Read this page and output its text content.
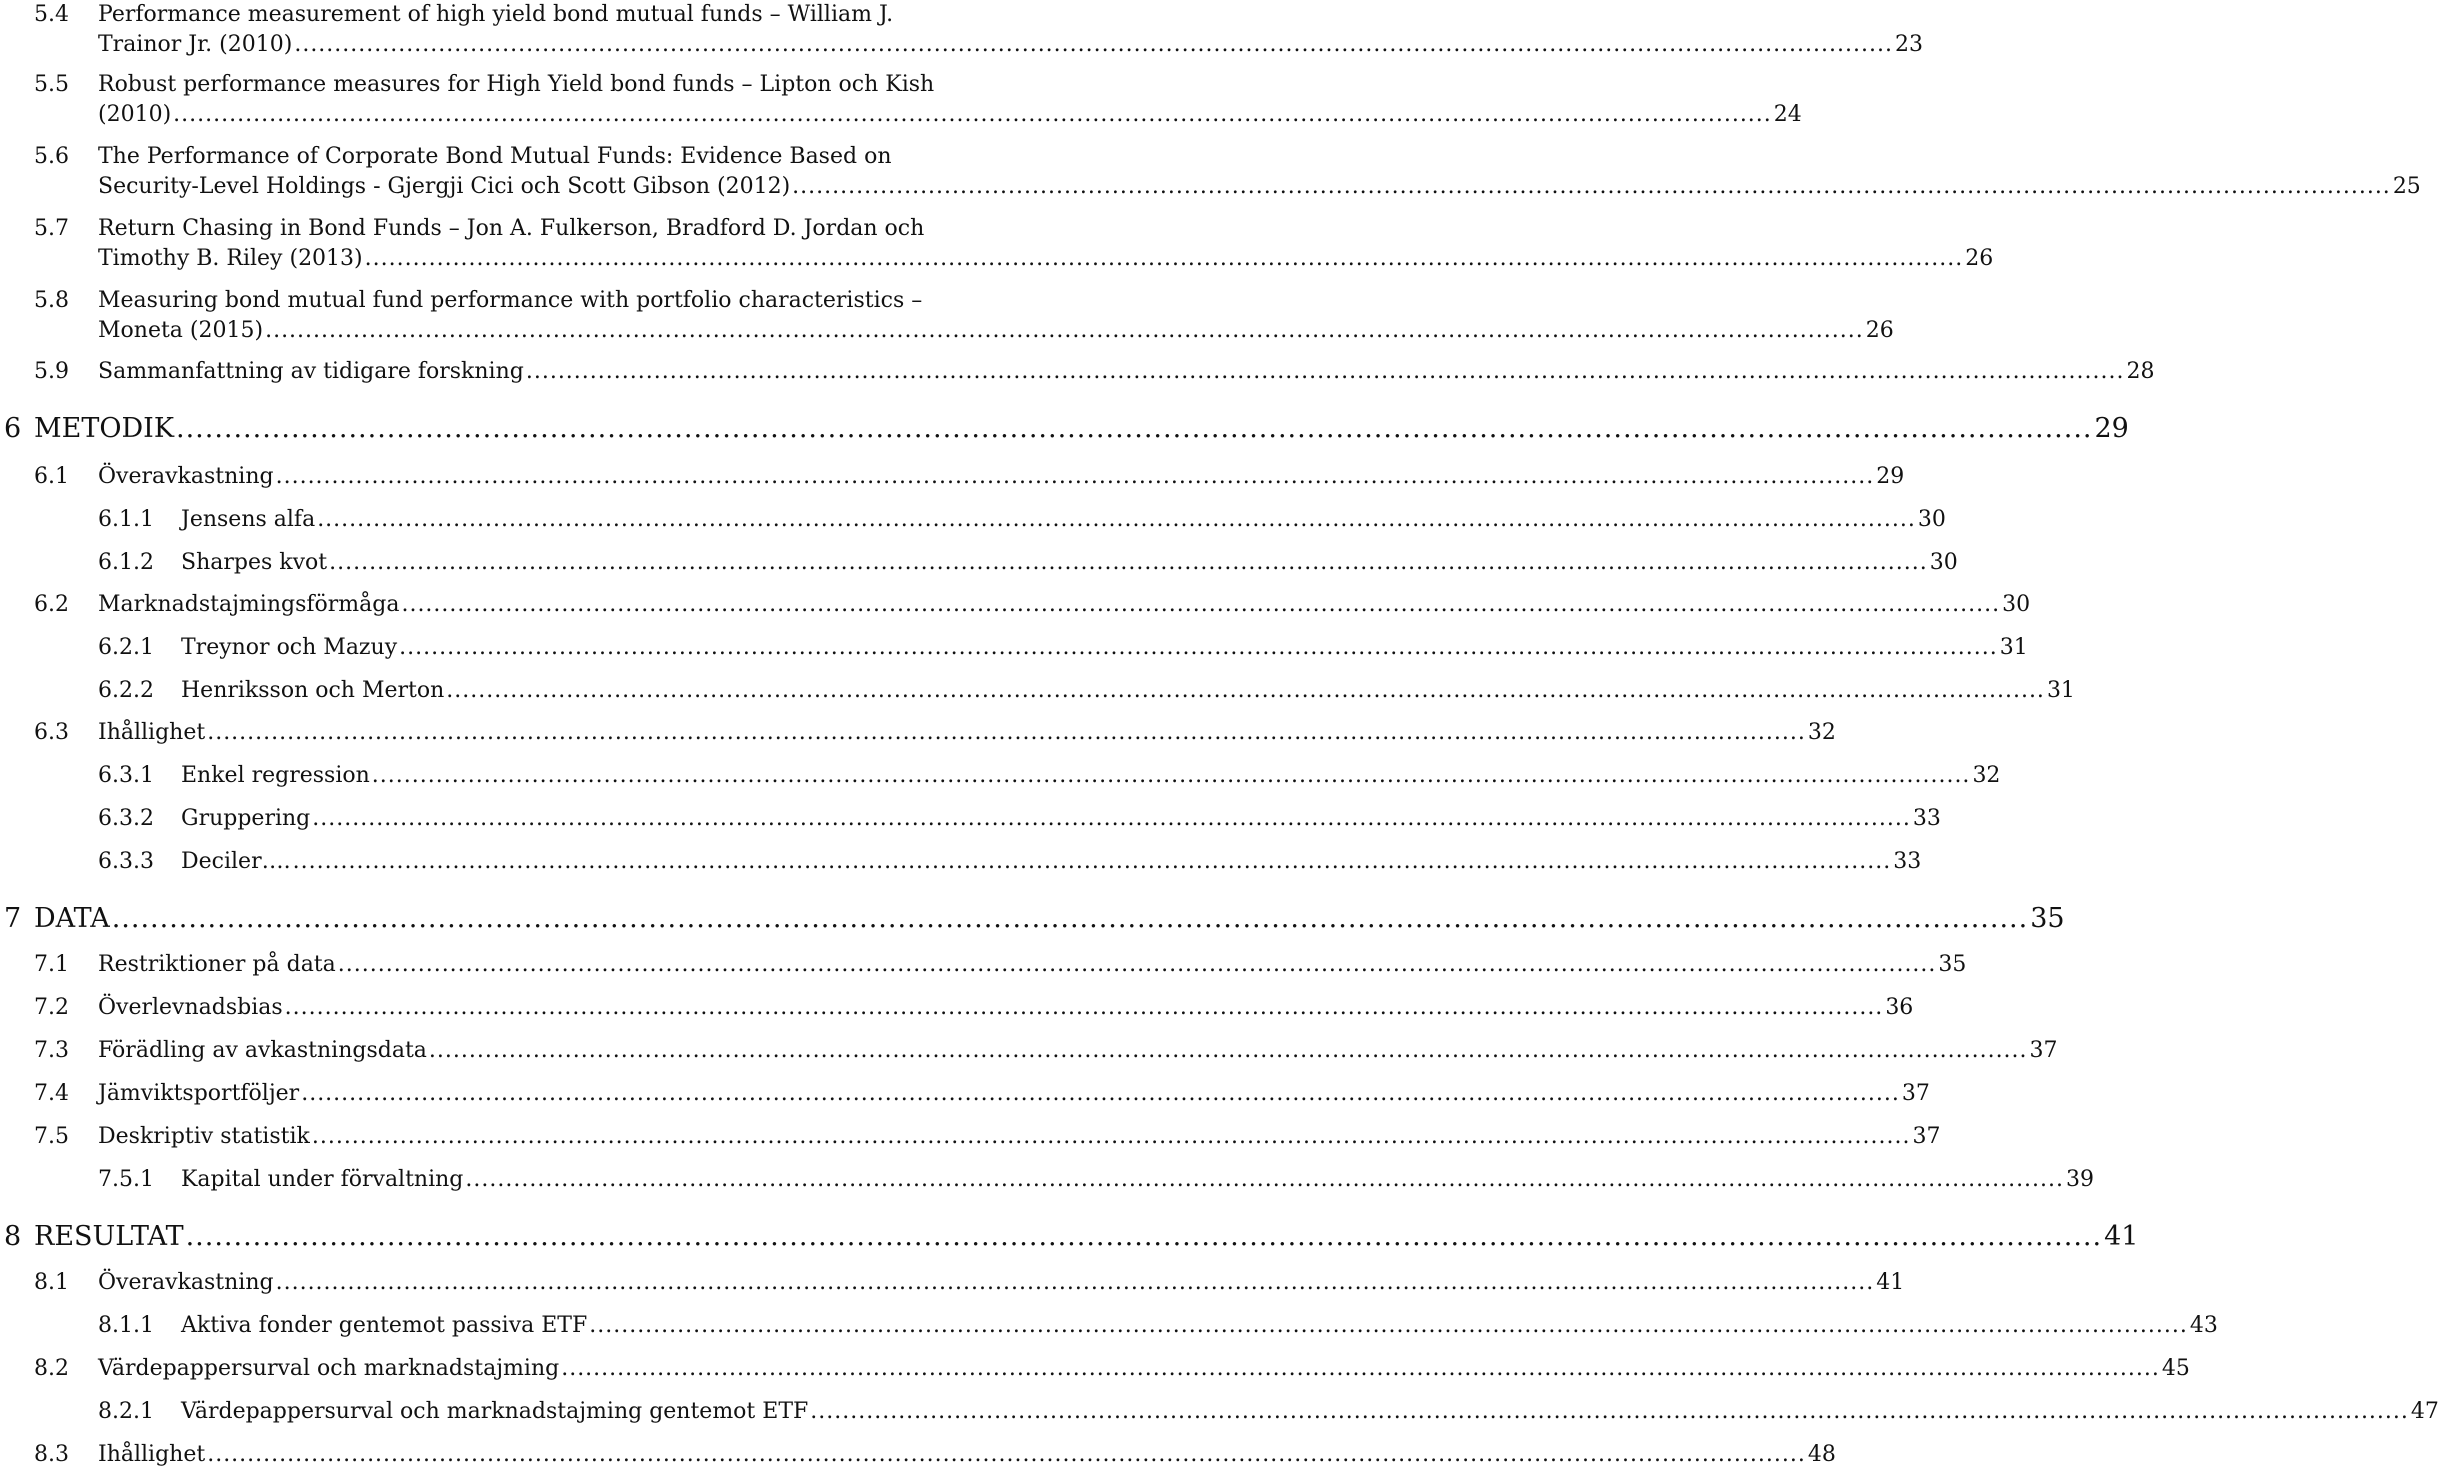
5.4 Performance measurement of high yield bond mutual funds – William J.
Trainor Jr. (2010) ........................................................................................................................................................................................................ 23
5.5 Robust performance measures for High Yield bond funds – Lipton och Kish
(2010) ........................................................................................................................................................................................................ 24
5.6 The Performance of Corporate Bond Mutual Funds: Evidence Based on
Security-Level Holdings - Gjergji Cici och Scott Gibson (2012) ........................................................................................................................................................................................................ 25
5.7 Return Chasing in Bond Funds – Jon A. Fulkerson, Bradford D. Jordan och
Timothy B. Riley (2013) ........................................................................................................................................................................................................ 26
5.8 Measuring bond mutual fund performance with portfolio characteristics –
Moneta (2015) ........................................................................................................................................................................................................ 26
5.9 Sammanfattning av tidigare forskning ........................................................................................................................................................................................................ 28
6 METODIK ........................................................................................................................................................................................................ 29
6.1 Överavkastning ........................................................................................................................................................................................................ 29
6.1.1 Jensens alfa ........................................................................................................................................................................................................ 30
6.1.2 Sharpes kvot ........................................................................................................................................................................................................ 30
6.2 Marknadstajmingsförmåga ........................................................................................................................................................................................................ 30
6.2.1 Treynor och Mazuy ........................................................................................................................................................................................................ 31
6.2.2 Henriksson och Merton ........................................................................................................................................................................................................ 31
6.3 Ihållighet ........................................................................................................................................................................................................ 32
6.3.1 Enkel regression ........................................................................................................................................................................................................ 32
6.3.2 Gruppering ........................................................................................................................................................................................................ 33
6.3.3 Deciler…. ........................................................................................................................................................................................................ 33
7 DATA ........................................................................................................................................................................................................ 35
7.1 Restriktioner på data ........................................................................................................................................................................................................ 35
7.2 Överlevnadsbias ........................................................................................................................................................................................................ 36
7.3 Förädling av avkastningsdata ........................................................................................................................................................................................................ 37
7.4 Jämviktsportföljer ........................................................................................................................................................................................................ 37
7.5 Deskriptiv statistik ........................................................................................................................................................................................................ 37
7.5.1 Kapital under förvaltning ........................................................................................................................................................................................................ 39
8 RESULTAT ........................................................................................................................................................................................................ 41
8.1 Överavkastning ........................................................................................................................................................................................................ 41
8.1.1 Aktiva fonder gentemot passiva ETF ........................................................................................................................................................................................................ 43
8.2 Värdepappersurval och marknadstajming ........................................................................................................................................................................................................ 45
8.2.1 Värdepappersurval och marknadstajming gentemot ETF ........................................................................................................................................................................................................ 47
8.3 Ihållighet ........................................................................................................................................................................................................ 48
